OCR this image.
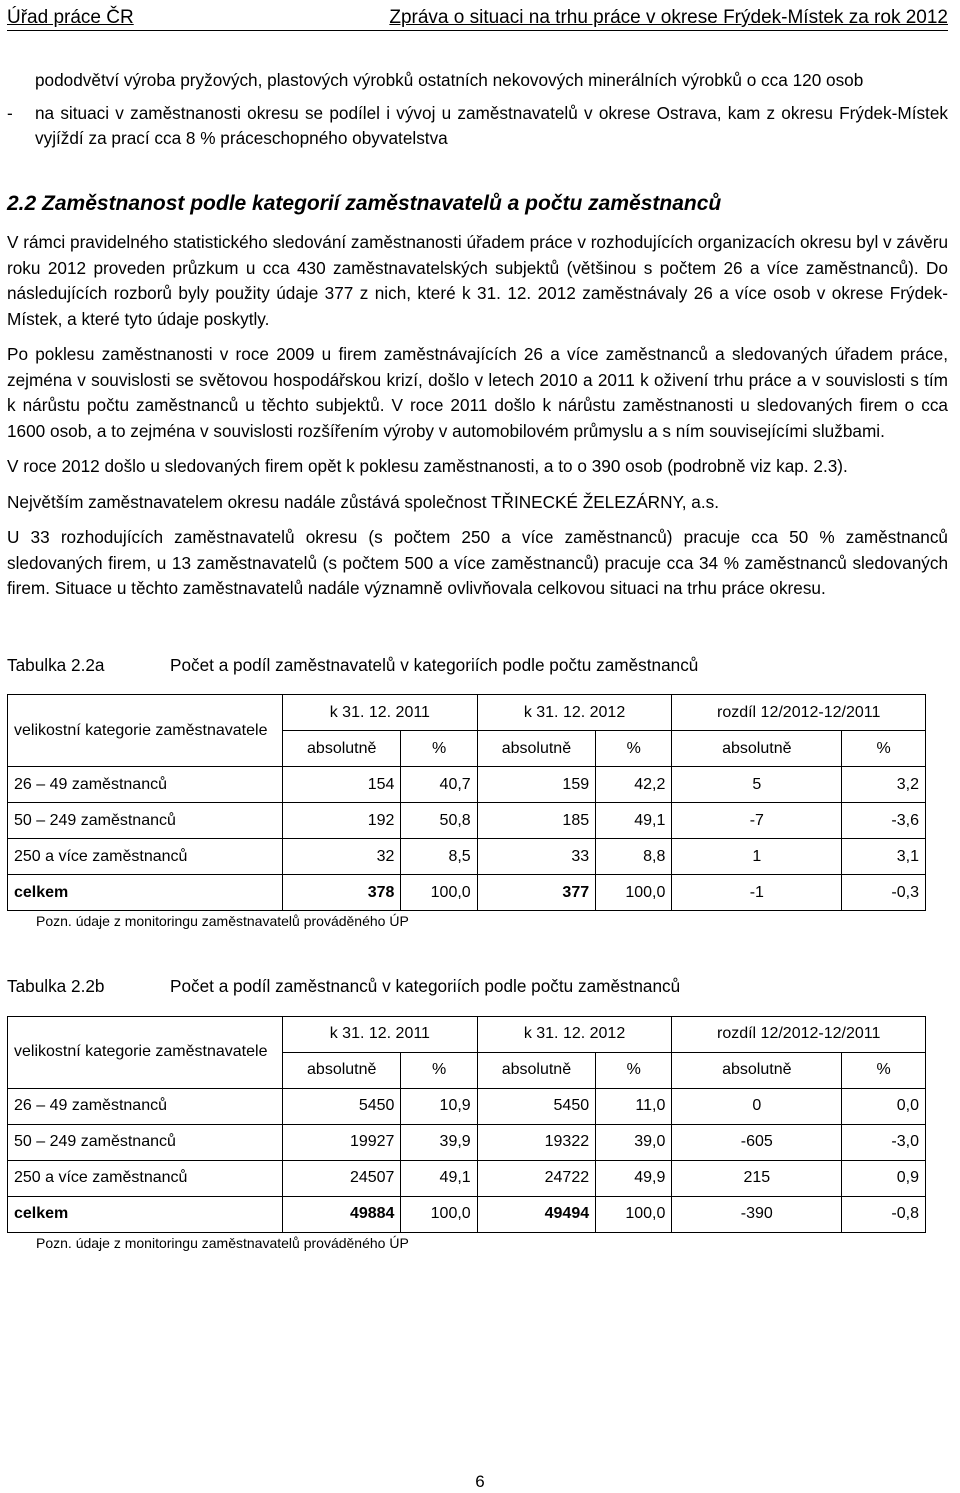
Úřad práce ČR	Zpráva o situaci na trhu práce v okrese Frýdek-Místek za rok 2012

pododvětví výroba pryžových, plastových výrobků ostatních nekovových minerálních výrobků o cca 120 osob

-	na situaci v zaměstnanosti okresu se podílel i vývoj u zaměstnavatelů v okrese Ostrava, kam z okresu Frýdek-Místek vyjíždí za prací cca 8 % práceschopného obyvatelstva
2.2 Zaměstnanost podle kategorií zaměstnavatelů a počtu zaměstnanců

V rámci pravidelného statistického sledování zaměstnanosti úřadem práce v rozhodujících organizacích okresu byl v závěru roku 2012 proveden průzkum u cca 430 zaměstnavatelských subjektů (většinou s počtem 26 a více zaměstnanců). Do následujících rozborů byly použity údaje 377 z nich, které k 31. 12. 2012 zaměstnávaly 26 a více osob v okrese Frýdek-Místek, a které tyto údaje poskytly.

Po poklesu zaměstnanosti v roce 2009 u firem zaměstnávajících 26 a více zaměstnanců a sledovaných úřadem práce, zejména v souvislosti se světovou hospodářskou krizí, došlo v letech 2010 a 2011 k oživení trhu práce a v souvislosti s tím k nárůstu počtu zaměstnanců u těchto subjektů. V roce 2011 došlo k nárůstu zaměstnanosti u sledovaných firem o cca 1600 osob, a to zejména v souvislosti rozšířením výroby v automobilovém průmyslu a s ním souvisejícími službami.

V roce 2012 došlo u sledovaných firem opět k poklesu zaměstnanosti, a to o 390 osob (podrobně viz kap. 2.3).

Největším zaměstnavatelem okresu nadále zůstává společnost TŘINECKÉ ŽELEZÁRNY, a.s.

U 33 rozhodujících zaměstnavatelů okresu (s počtem 250 a více zaměstnanců) pracuje cca 50 % zaměstnanců sledovaných firem, u 13 zaměstnavatelů (s počtem 500 a více zaměstnanců) pracuje cca 34 % zaměstnanců sledovaných firem. Situace u těchto zaměstnavatelů nadále významně ovlivňovala celkovou situaci na trhu práce okresu.

Tabulka 2.2a	Počet a podíl zaměstnavatelů v kategoriích podle počtu zaměstnanců
velikostní kategorie zaměstnavatele	k 31. 12. 2011		k 31. 12. 2012		rozdíl 12/2012-12/2011	
	absolutně	%	absolutně	%	absolutně	%
26 – 49 zaměstnanců	154	40,7	159	42,2	5	3,2
50 – 249 zaměstnanců	192	50,8	185	49,1	-7	-3,6
250 a více zaměstnanců	32	8,5	33	8,8	1	3,1
celkem	378	100,0	377	100,0	-1	-0,3
Pozn. údaje z monitoringu zaměstnavatelů prováděného ÚP
Tabulka 2.2b	Počet a podíl zaměstnanců v kategoriích podle počtu zaměstnanců
velikostní kategorie zaměstnavatele	k 31. 12. 2011		k 31. 12. 2012		rozdíl 12/2012-12/2011	
	absolutně	%	absolutně	%	absolutně	%
26 – 49 zaměstnanců	5450	10,9	5450	11,0	0	0,0
50 – 249 zaměstnanců	19927	39,9	19322	39,0	-605	-3,0
250 a více zaměstnanců	24507	49,1	24722	49,9	215	0,9
celkem	49884	100,0	49494	100,0	-390	-0,8
Pozn. údaje z monitoringu zaměstnavatelů prováděného ÚP
6
